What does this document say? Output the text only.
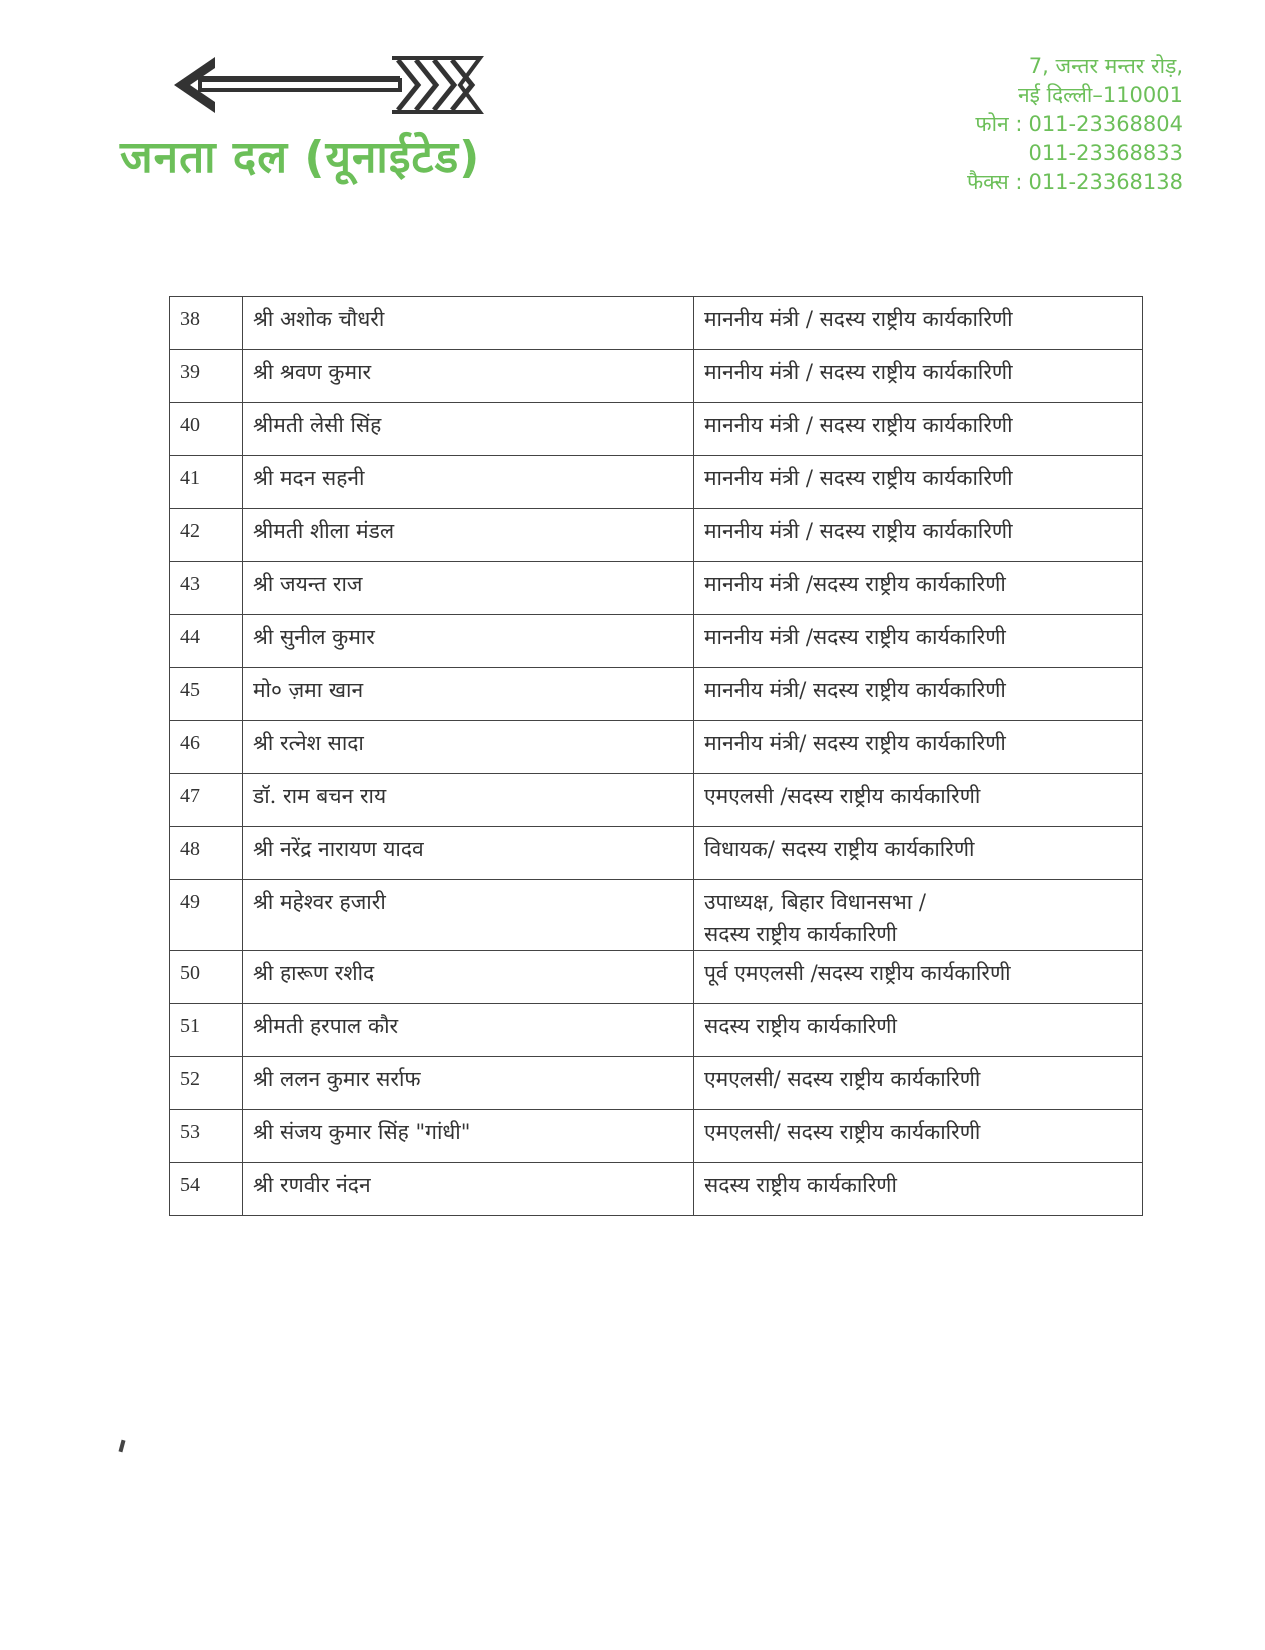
जनता दल (यूनाईटेड)
7, जन्तर मन्तर रोड़,
नई दिल्ली–110001
फोन : 011-23368804
011-23368833
फैक्स : 011-23368138
38	श्री अशोक चौधरी	माननीय मंत्री / सदस्य राष्ट्रीय कार्यकारिणी
39	श्री श्रवण कुमार	माननीय मंत्री / सदस्य राष्ट्रीय कार्यकारिणी
40	श्रीमती लेसी सिंह	माननीय मंत्री / सदस्य राष्ट्रीय कार्यकारिणी
41	श्री मदन सहनी	माननीय मंत्री / सदस्य राष्ट्रीय कार्यकारिणी
42	श्रीमती शीला मंडल	माननीय मंत्री / सदस्य राष्ट्रीय कार्यकारिणी
43	श्री जयन्त राज	माननीय मंत्री /सदस्य राष्ट्रीय कार्यकारिणी
44	श्री सुनील कुमार	माननीय मंत्री /सदस्य राष्ट्रीय कार्यकारिणी
45	मो० ज़मा खान	माननीय मंत्री/ सदस्य राष्ट्रीय कार्यकारिणी
46	श्री रत्नेश सादा	माननीय मंत्री/ सदस्य राष्ट्रीय कार्यकारिणी
47	डॉ. राम बचन राय	एमएलसी /सदस्य राष्ट्रीय कार्यकारिणी
48	श्री नरेंद्र नारायण यादव	विधायक/ सदस्य राष्ट्रीय कार्यकारिणी
49	श्री महेश्वर हजारी	उपाध्यक्ष, बिहार विधानसभा /
सदस्य राष्ट्रीय कार्यकारिणी

50	श्री हारूण रशीद	पूर्व एमएलसी /सदस्य राष्ट्रीय कार्यकारिणी
51	श्रीमती हरपाल कौर	सदस्य राष्ट्रीय कार्यकारिणी
52	श्री ललन कुमार सर्राफ	एमएलसी/ सदस्य राष्ट्रीय कार्यकारिणी
53	श्री संजय कुमार सिंह "गांधी"	एमएलसी/ सदस्य राष्ट्रीय कार्यकारिणी
54	श्री रणवीर नंदन	सदस्य राष्ट्रीय कार्यकारिणी
